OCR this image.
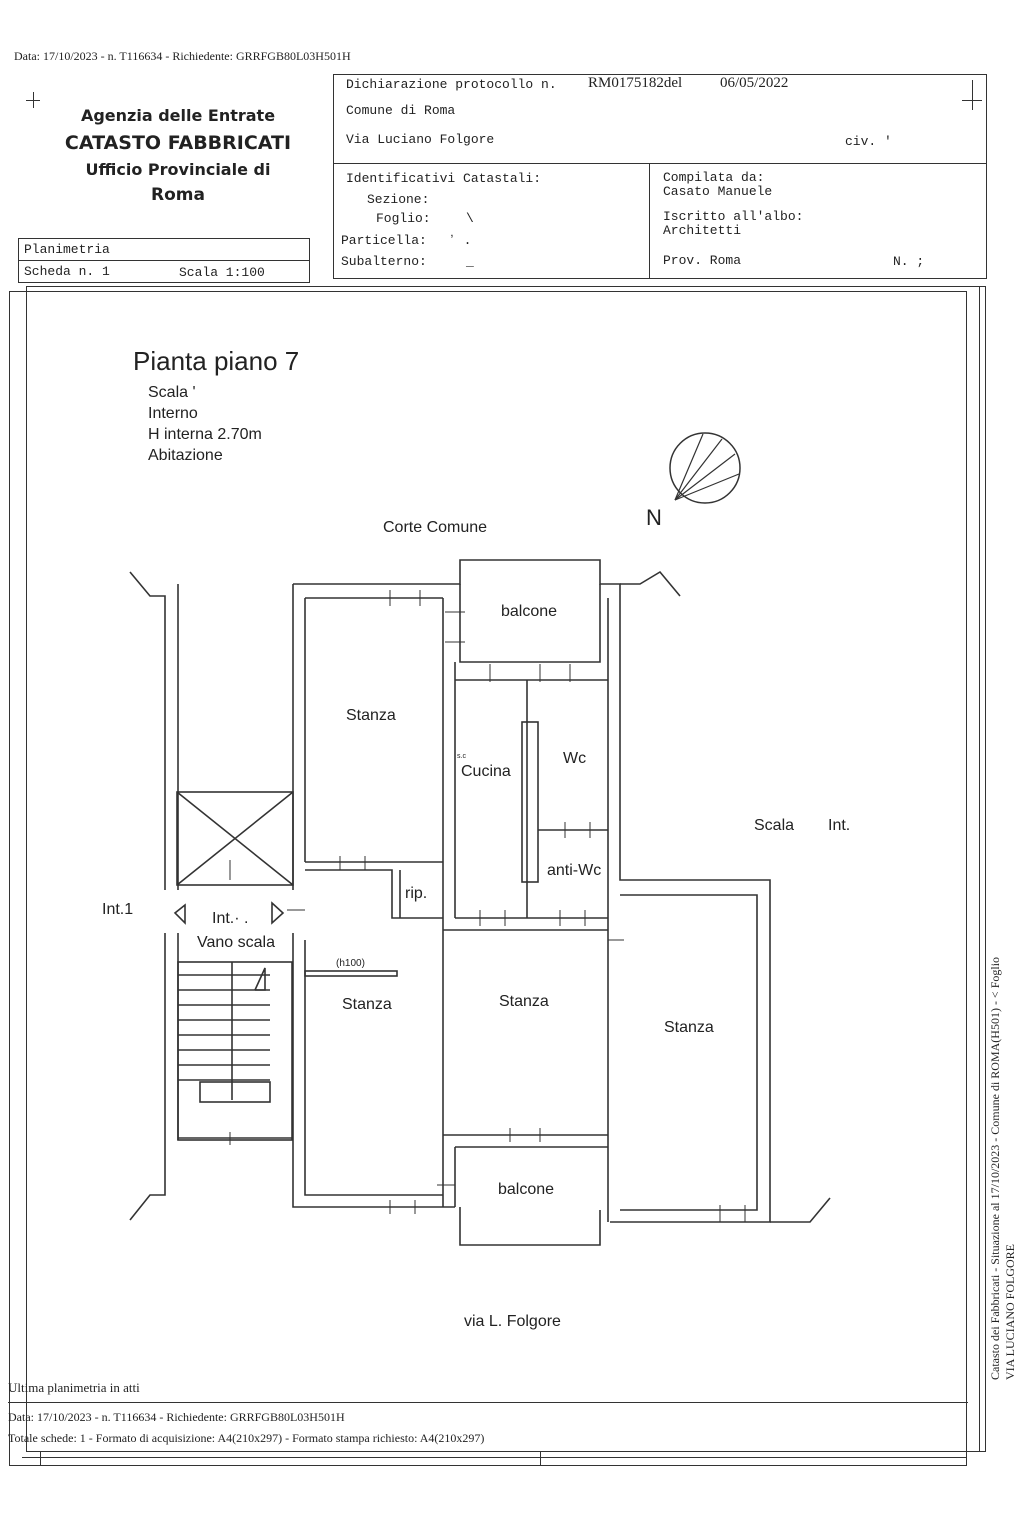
Data: 17/10/2023 - n. T116634 - Richiedente: GRRFGB80L03H501H
Agenzia delle Entrate
CATASTO FABBRICATI
Ufficio Provinciale di
Roma
Dichiarazione protocollo n. RM0175182del	06/05/2022
Comune di Roma
Via Luciano Folgore	civ. '
Identificativi Catastali:
Sezione:
Foglio:	\
Particella: ʼ .
Subalterno:	_
Compilata da:
Casato Manuele
Iscritto all'albo:
Architetti
Prov. Roma	N. ;
Planimetria
Scheda n. 1	Scala 1:100
Pianta piano 7
Scala '
Interno
H interna 2.70m
Abitazione
N
Corte Comune
balcone
Stanza
s.c
Cucina
Wc
anti-Wc
rip.
Scala Int.
Int.1
Int.· .
Vano scala
(h100)
Stanza	Stanza
Stanza
balcone
via L. Folgore	Catasto dei Fabbricati - Situazione al 17/10/2023 - Comune di ROMA(H501) - < Foglio VIA LUCIANO FOLGORE
Ultima planimetria in atti
Data: 17/10/2023 - n. T116634 - Richiedente: GRRFGB80L03H501H
Totale schede: 1 - Formato di acquisizione: A4(210x297) - Formato stampa richiesto: A4(210x297)
